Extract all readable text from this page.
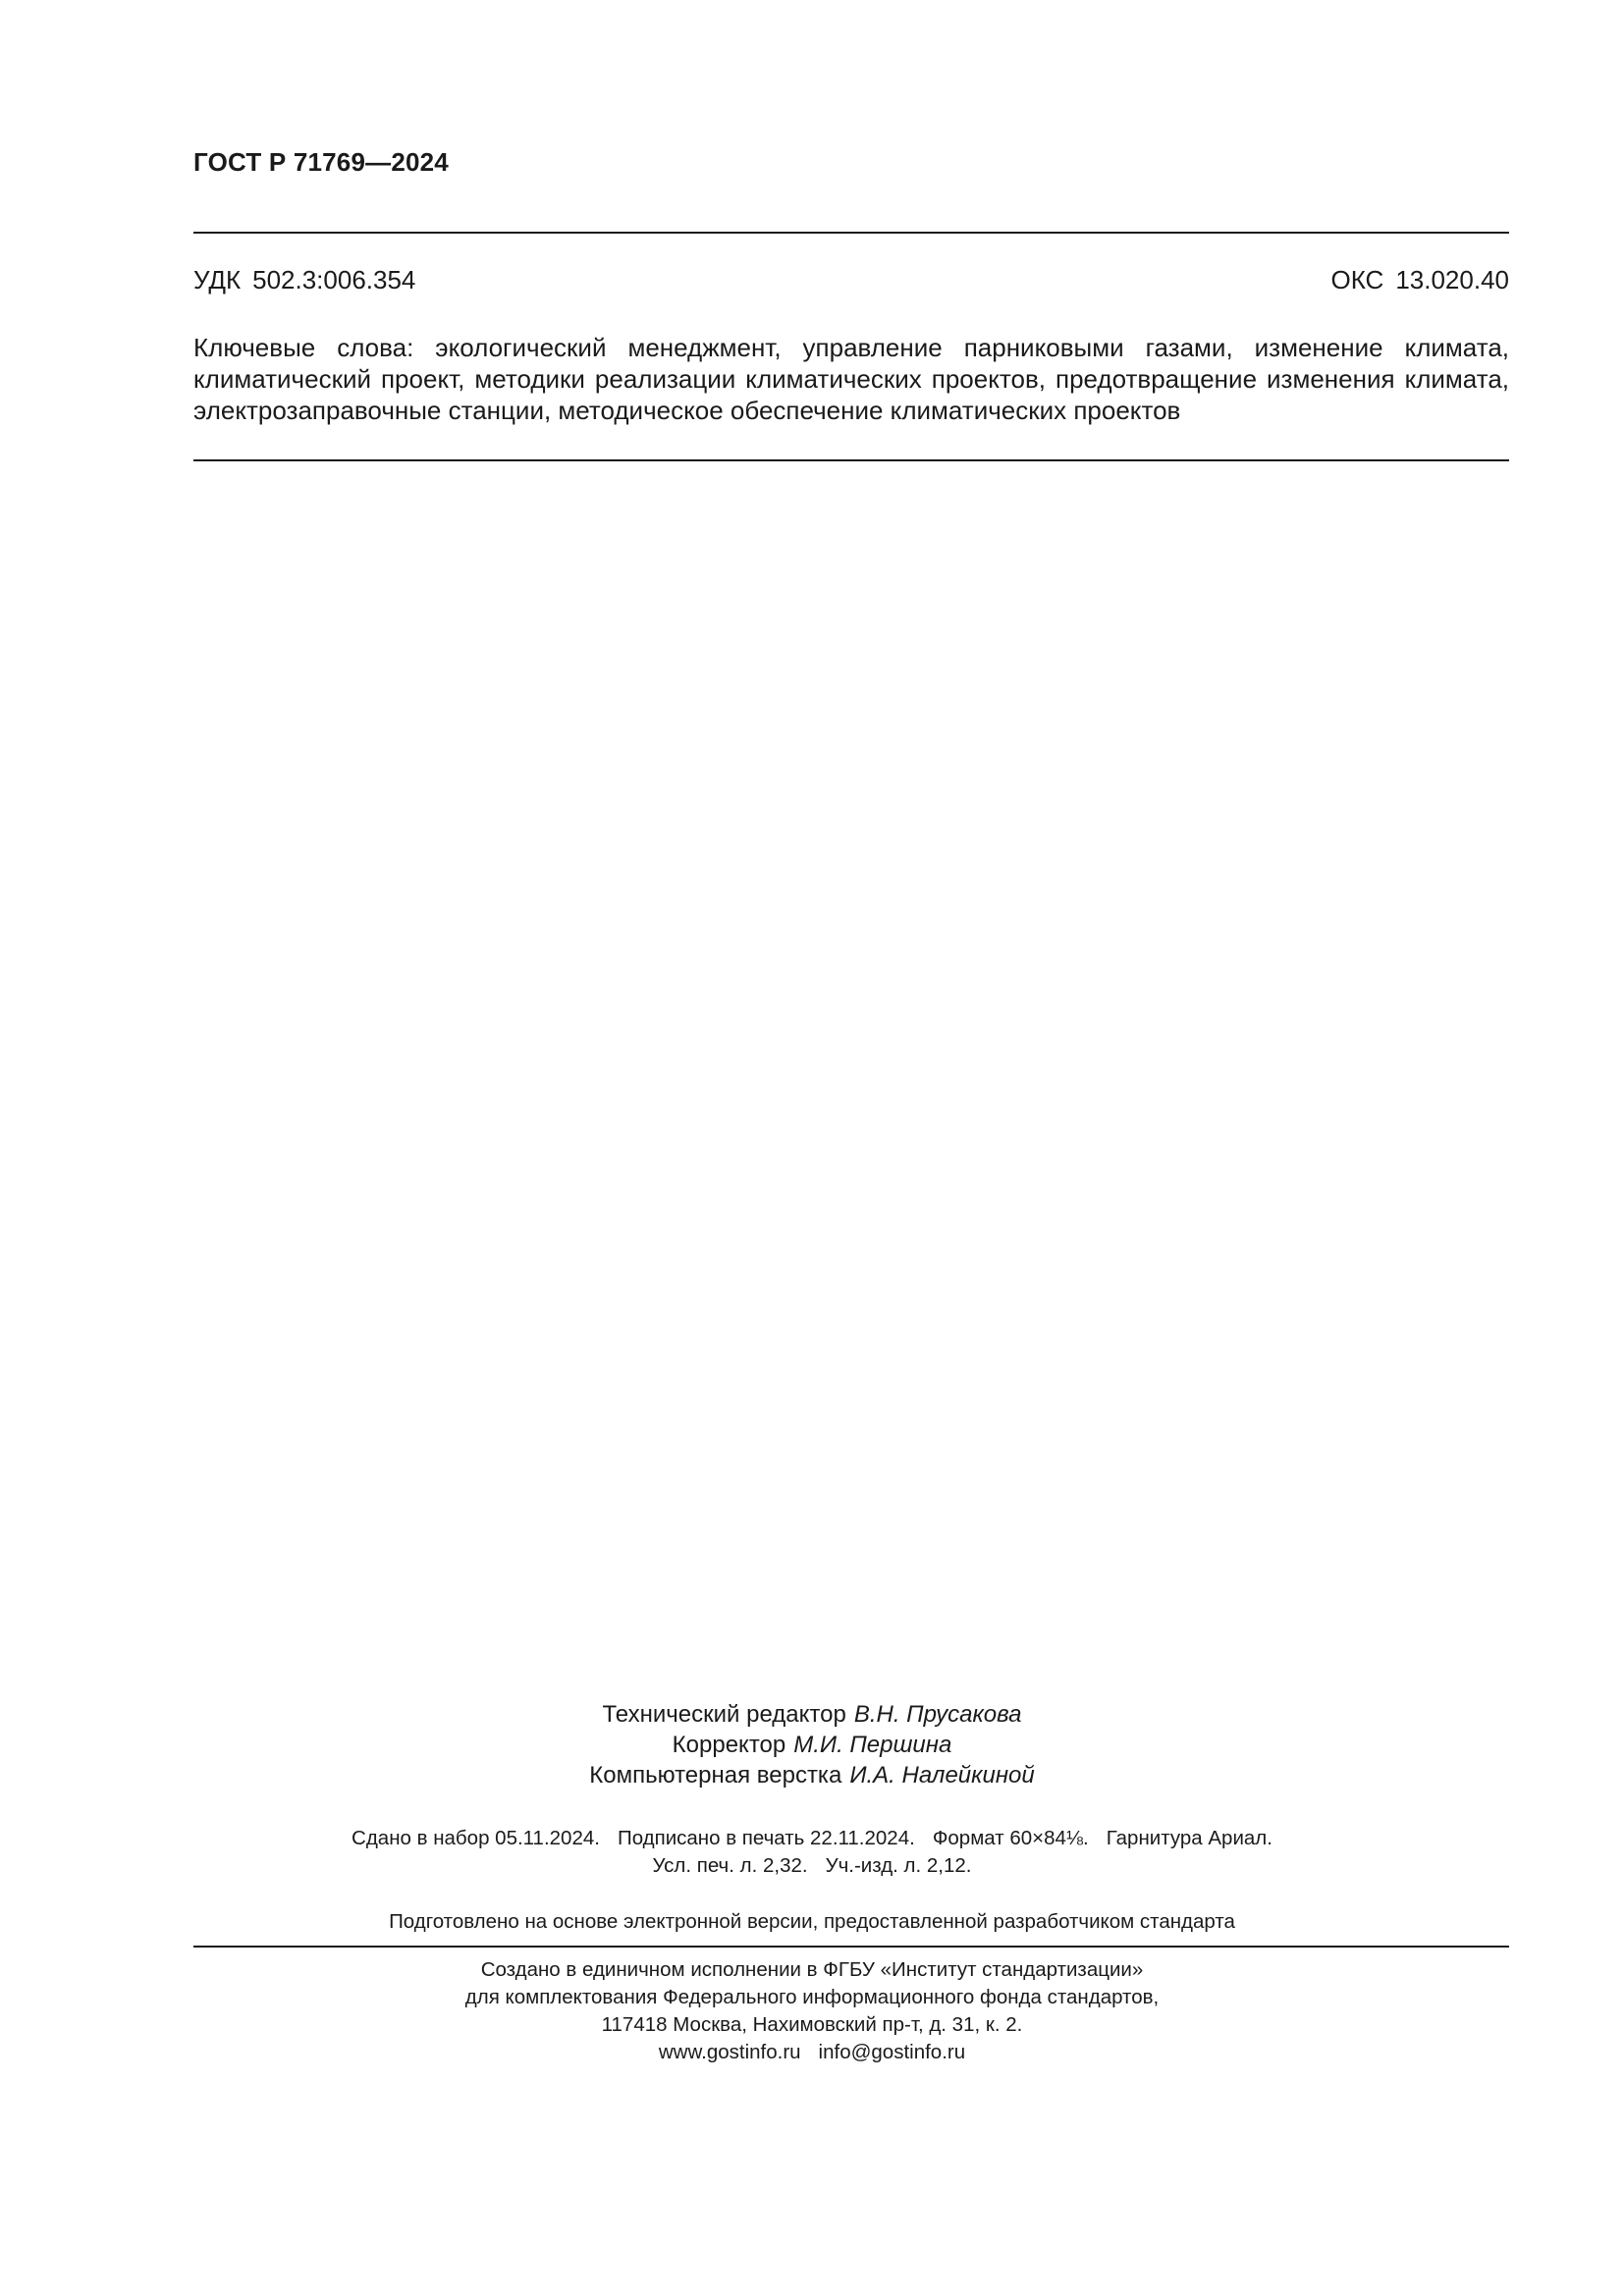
ГОСТ Р 71769—2024
УДК 502.3:006.354	ОКС 13.020.40
Ключевые слова: экологический менеджмент, управление парниковыми газами, изменение климата, климатический проект, методики реализации климатических проектов, предотвращение изменения климата, электрозаправочные станции, методическое обеспечение климатических проектов
Технический редактор В.Н. Прусакова
Корректор М.И. Першина
Компьютерная верстка И.А. Налейкиной
Сдано в набор 05.11.2024. Подписано в печать 22.11.2024. Формат 60×84⅛. Гарнитура Ариал.
Усл. печ. л. 2,32. Уч.-изд. л. 2,12.
Подготовлено на основе электронной версии, предоставленной разработчиком стандарта
Создано в единичном исполнении в ФГБУ «Институт стандартизации»
для комплектования Федерального информационного фонда стандартов,
117418 Москва, Нахимовский пр-т, д. 31, к. 2.
www.gostinfo.ru info@gostinfo.ru
